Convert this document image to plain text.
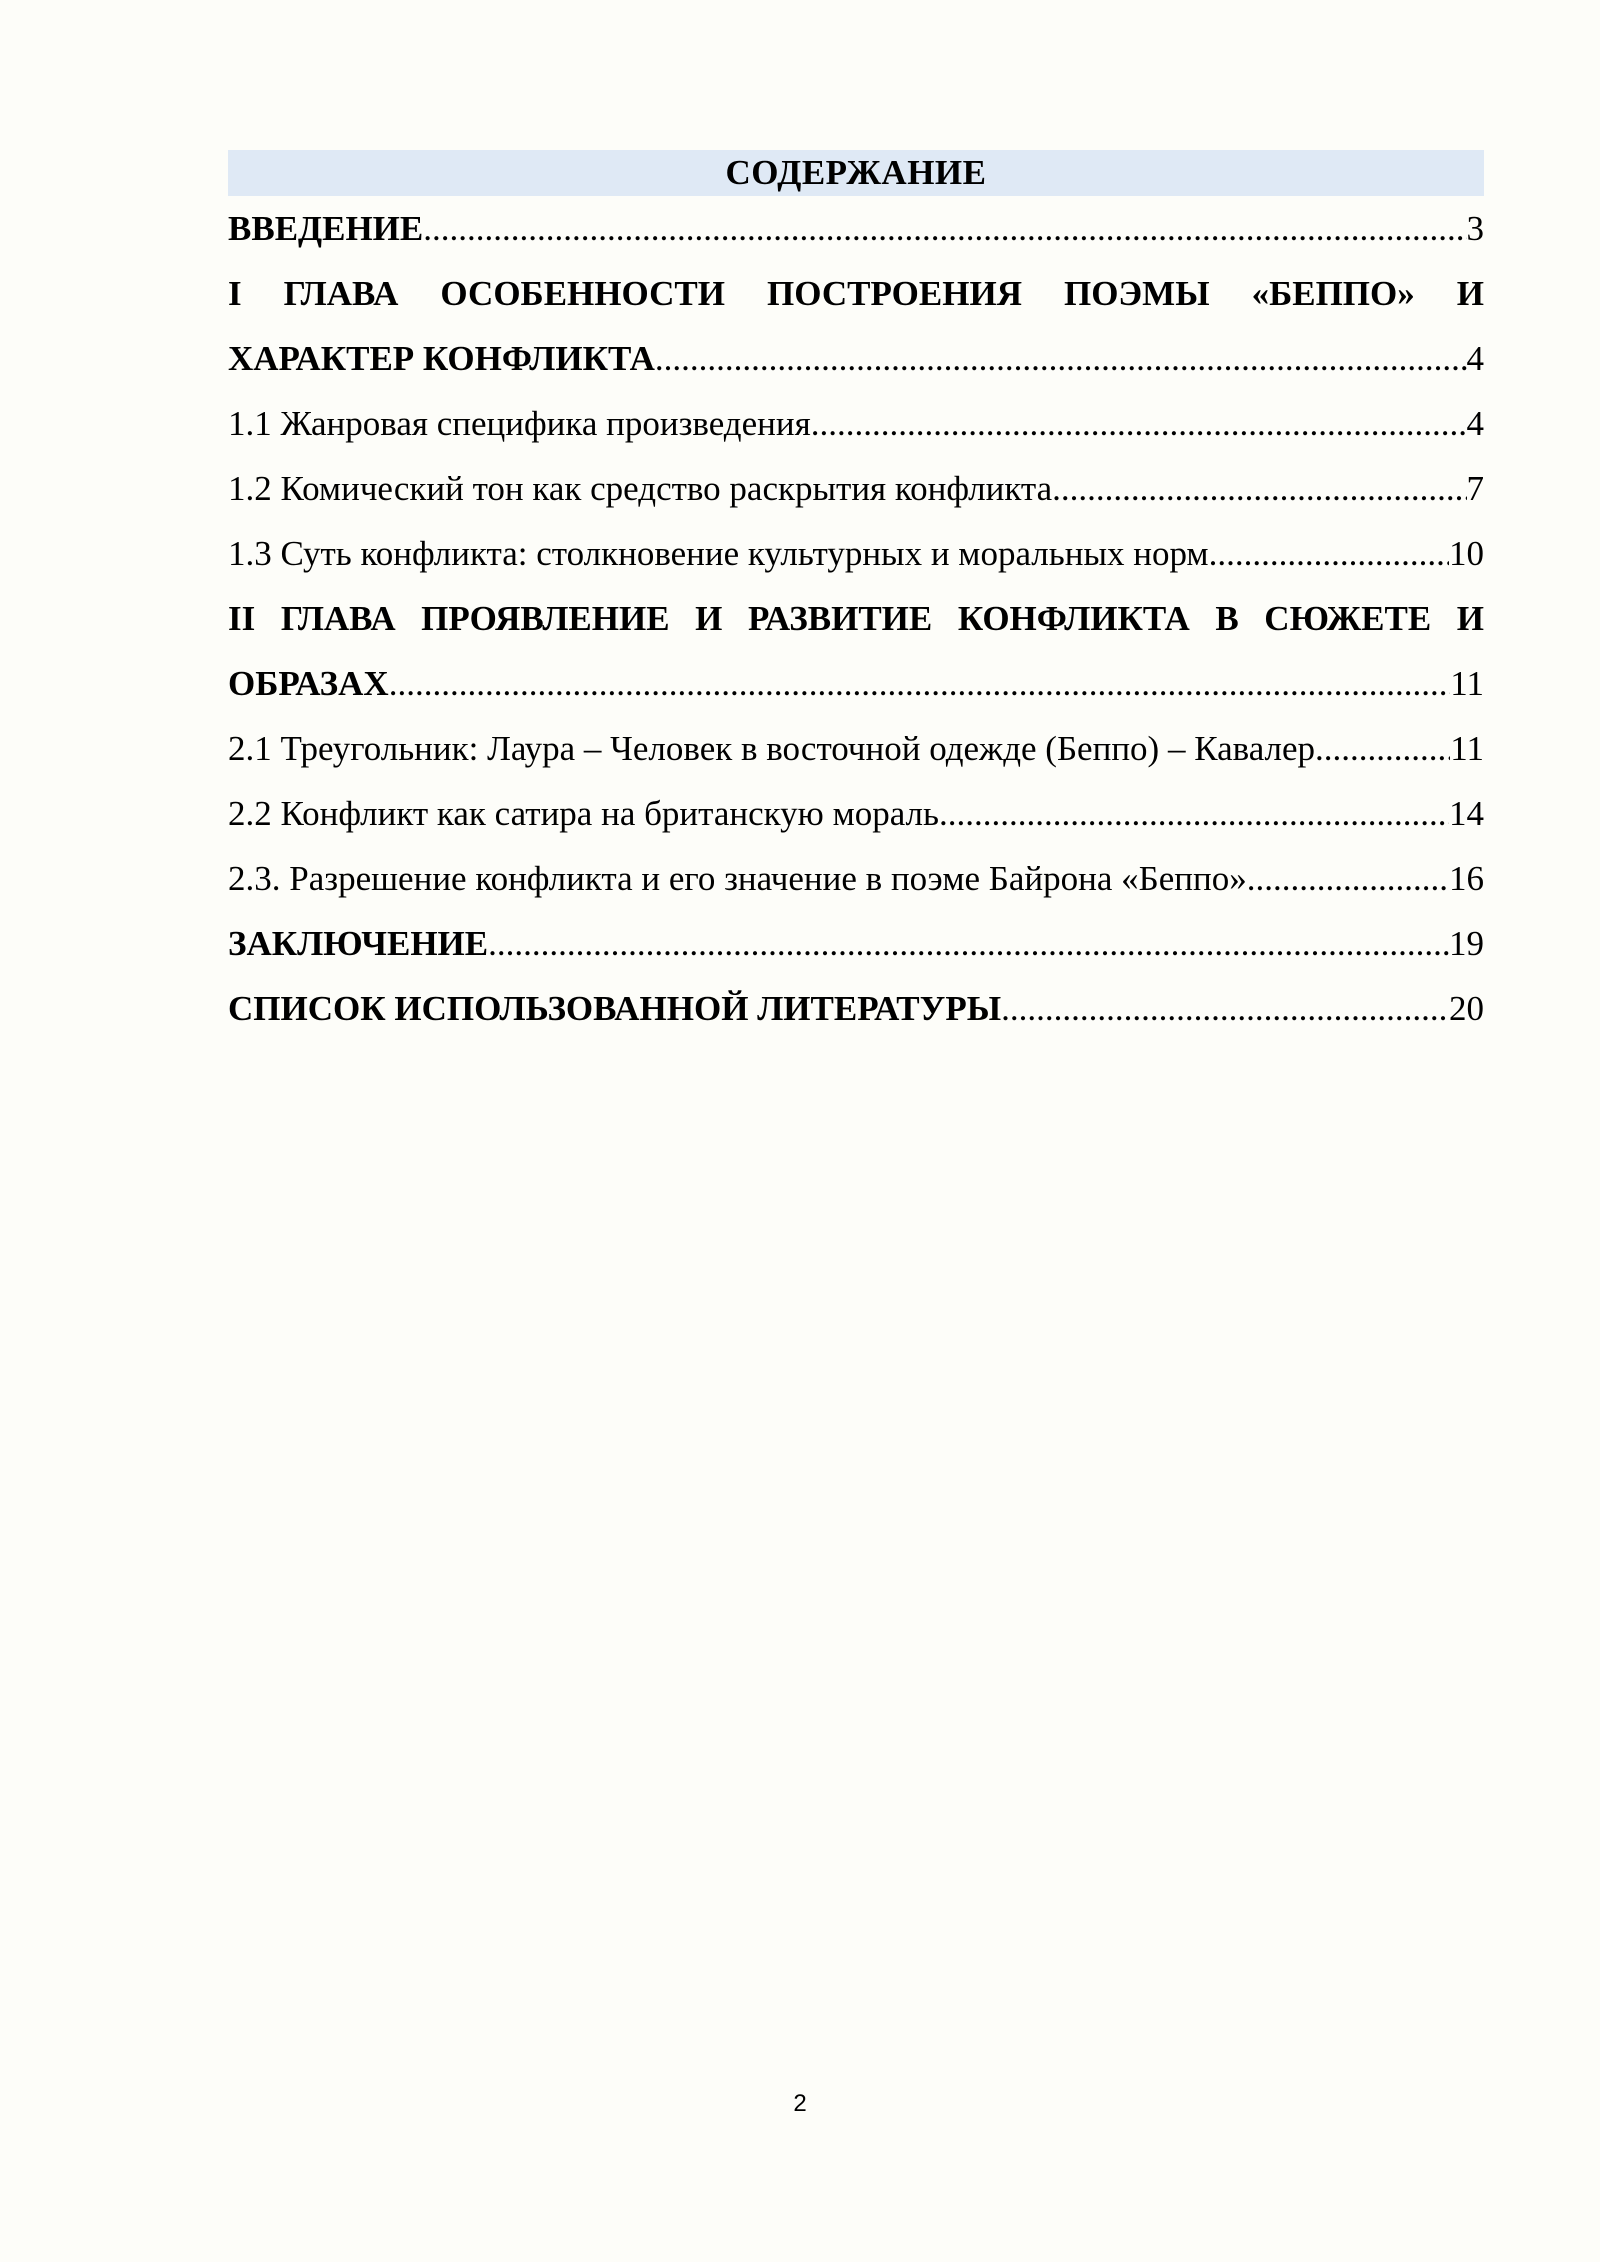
СОДЕРЖАНИЕ
ВВЕДЕНИЕ .....	3
I ГЛАВА ОСОБЕННОСТИ ПОСТРОЕНИЯ ПОЭМЫ «БЕППО» И
ХАРАКТЕР КОНФЛИКТА .....	4
1.1 Жанровая специфика произведения .....	4
1.2 Комический тон как средство раскрытия конфликта .....	7
1.3 Суть конфликта: столкновение культурных и моральных норм .....	10
II ГЛАВА ПРОЯВЛЕНИЕ И РАЗВИТИЕ КОНФЛИКТА В СЮЖЕТЕ И
ОБРАЗАХ .....	11
2.1 Треугольник: Лаура – Человек в восточной одежде (Беппо) – Кавалер .....	11
2.2 Конфликт как сатира на британскую мораль .....	14
2.3. Разрешение конфликта и его значение в поэме Байрона «Беппо» .....	16
ЗАКЛЮЧЕНИЕ .....	19
СПИСОК ИСПОЛЬЗОВАННОЙ ЛИТЕРАТУРЫ .....	20
2
